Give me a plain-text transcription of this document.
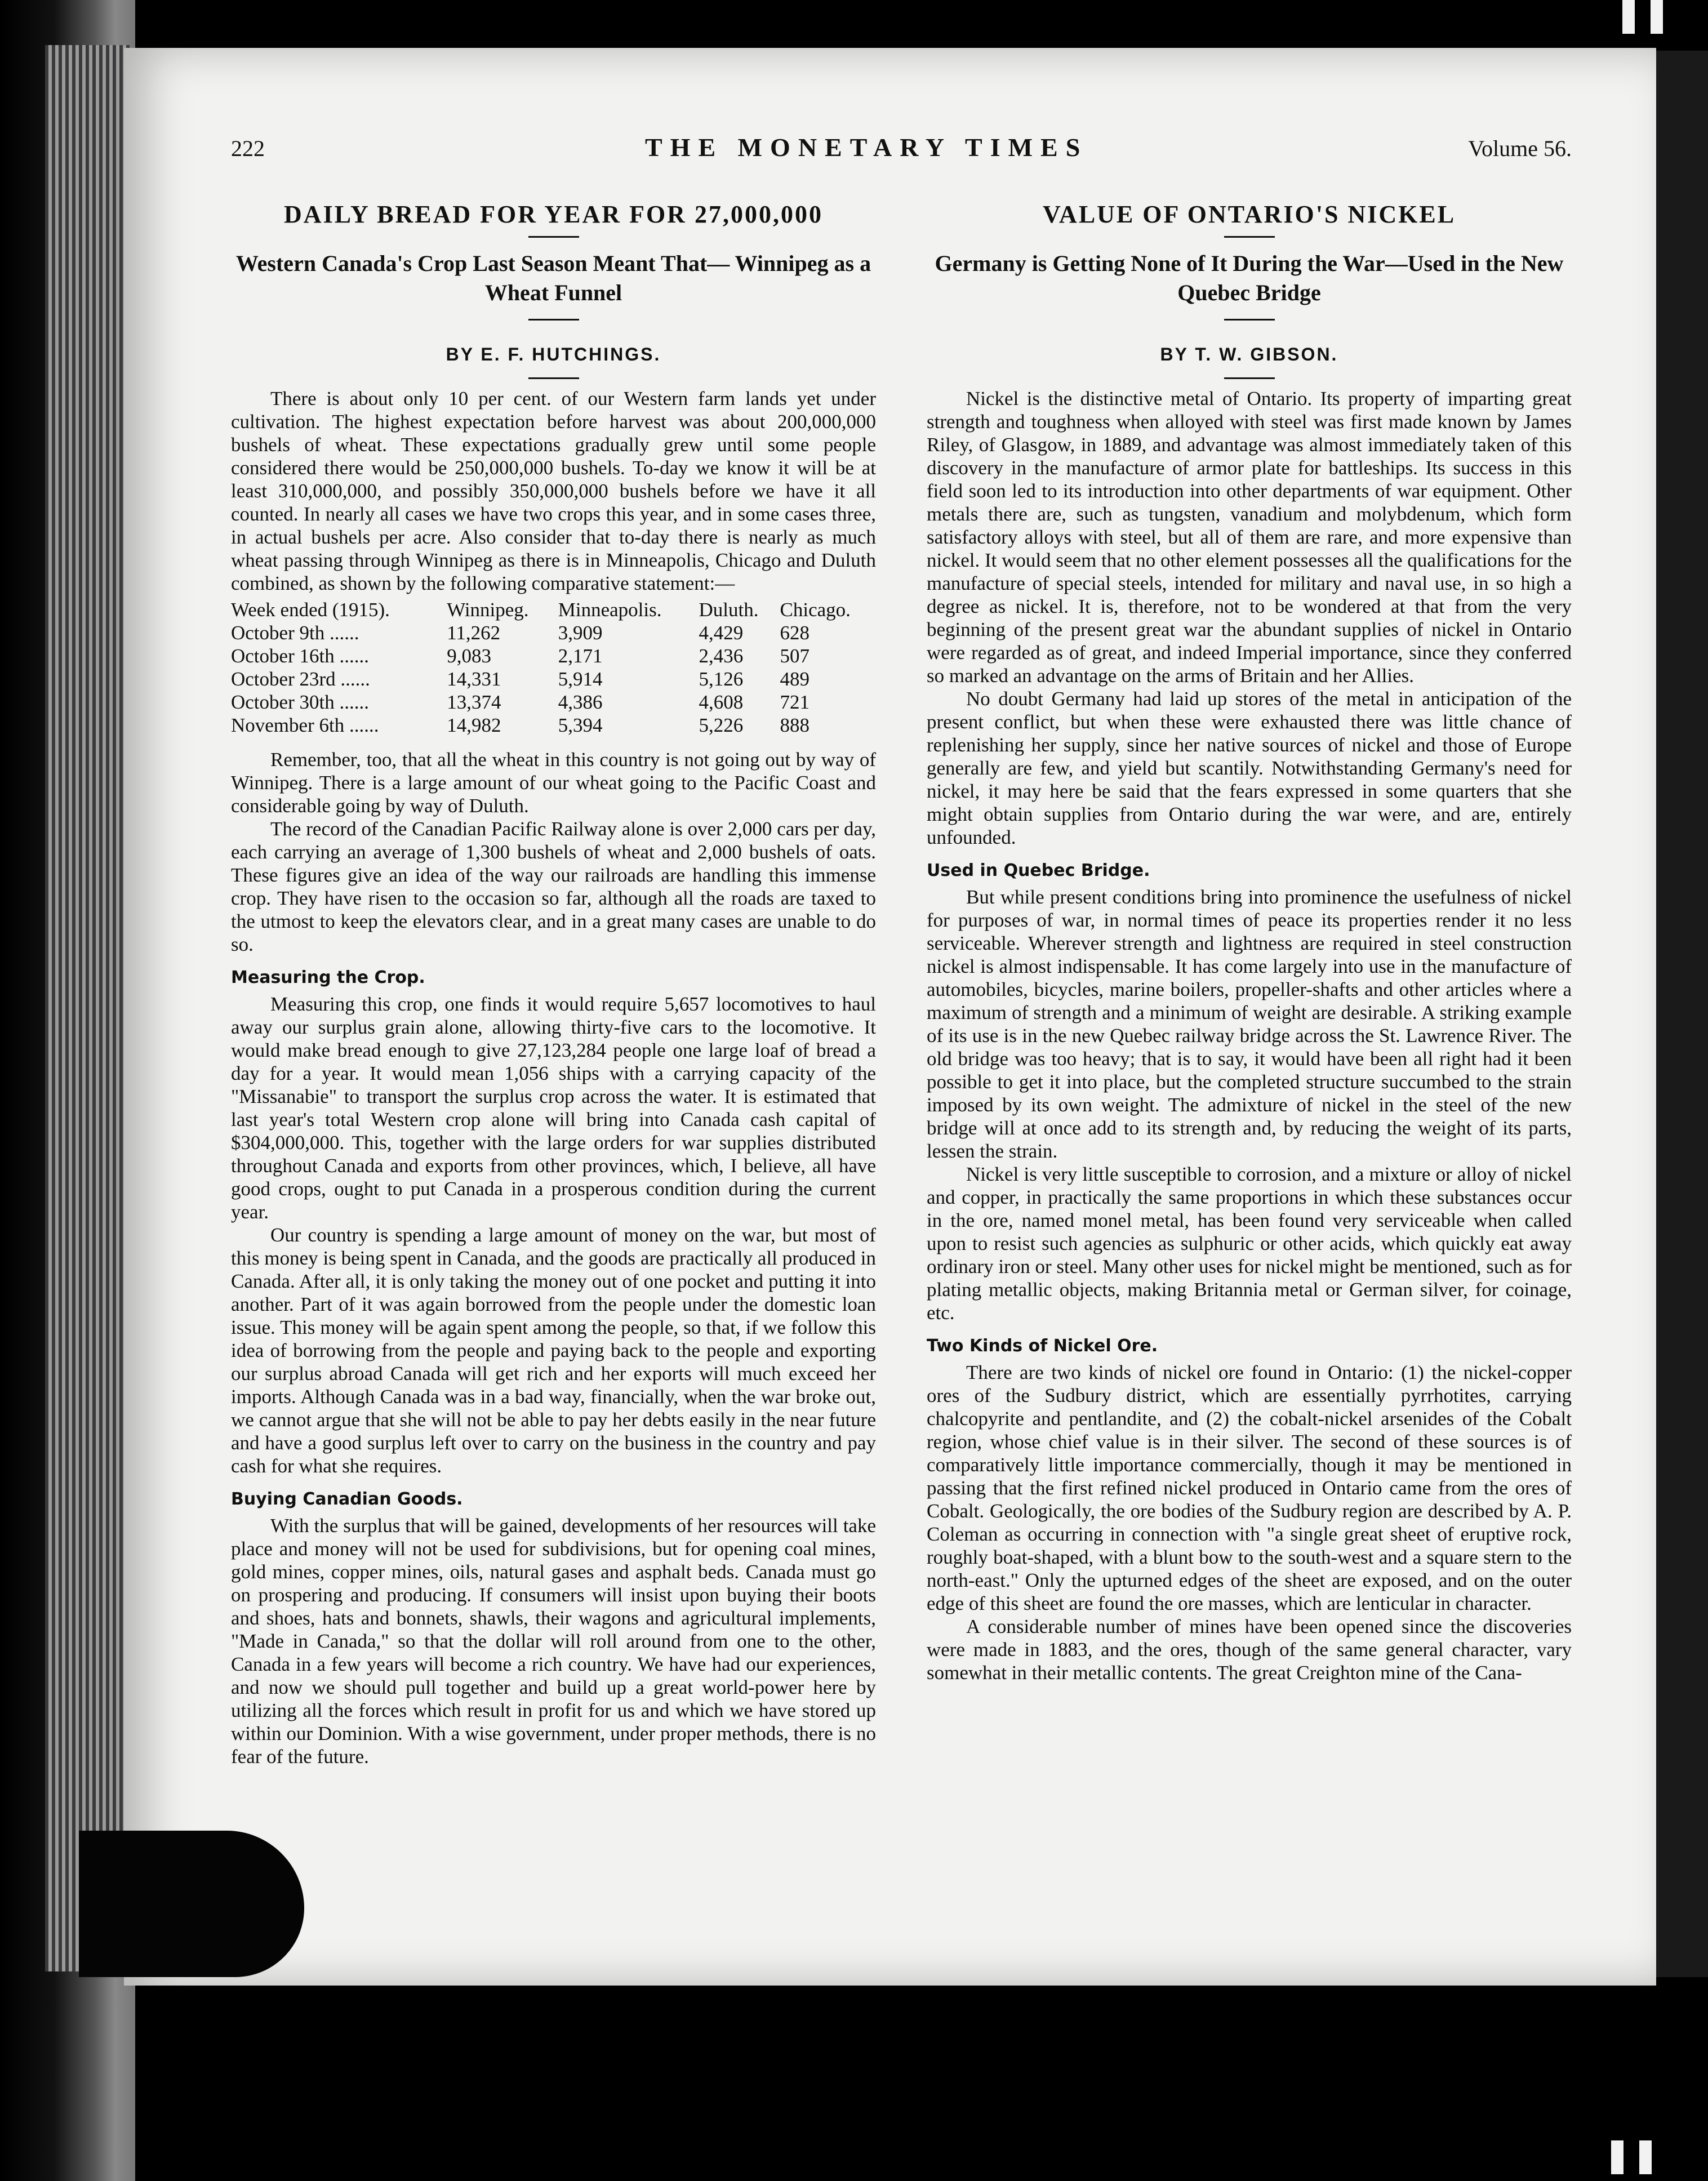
222	THE MONETARY TIMES	Volume 56.
DAILY BREAD FOR YEAR FOR 27,000,000
Western Canada's Crop Last Season Meant That— Winnipeg as a Wheat Funnel
BY E. F. HUTCHINGS.

There is about only 10 per cent. of our Western farm lands yet under cultivation. The highest expectation before harvest was about 200,000,000 bushels of wheat. These expectations gradually grew until some people considered there would be 250,000,000 bushels. To-day we know it will be at least 310,000,000, and possibly 350,000,000 bushels before we have it all counted. In nearly all cases we have two crops this year, and in some cases three, in actual bushels per acre. Also consider that to-day there is nearly as much wheat passing through Winnipeg as there is in Minneapolis, Chicago and Duluth combined, as shown by the following comparative statement:—

Week ended (1915).	Winnipeg.	Minneapolis.	Duluth.	Chicago.
October 9th ......	11,262	3,909	4,429	628
October 16th ......	9,083	2,171	2,436	507
October 23rd ......	14,331	5,914	5,126	489
October 30th ......	13,374	4,386	4,608	721
November 6th ......	14,982	5,394	5,226	888

Remember, too, that all the wheat in this country is not going out by way of Winnipeg. There is a large amount of our wheat going to the Pacific Coast and considerable going by way of Duluth.

The record of the Canadian Pacific Railway alone is over 2,000 cars per day, each carrying an average of 1,300 bushels of wheat and 2,000 bushels of oats. These figures give an idea of the way our railroads are handling this immense crop. They have risen to the occasion so far, although all the roads are taxed to the utmost to keep the elevators clear, and in a great many cases are unable to do so.

Measuring the Crop.

Measuring this crop, one finds it would require 5,657 locomotives to haul away our surplus grain alone, allowing thirty-five cars to the locomotive. It would make bread enough to give 27,123,284 people one large loaf of bread a day for a year. It would mean 1,056 ships with a carrying capacity of the "Missanabie" to transport the surplus crop across the water. It is estimated that last year's total Western crop alone will bring into Canada cash capital of $304,000,000. This, together with the large orders for war supplies distributed throughout Canada and exports from other provinces, which, I believe, all have good crops, ought to put Canada in a prosperous condition during the current year.

Our country is spending a large amount of money on the war, but most of this money is being spent in Canada, and the goods are practically all produced in Canada. After all, it is only taking the money out of one pocket and putting it into another. Part of it was again borrowed from the people under the domestic loan issue. This money will be again spent among the people, so that, if we follow this idea of borrowing from the people and paying back to the people and exporting our surplus abroad Canada will get rich and her exports will much exceed her imports. Although Canada was in a bad way, financially, when the war broke out, we cannot argue that she will not be able to pay her debts easily in the near future and have a good surplus left over to carry on the business in the country and pay cash for what she requires.

Buying Canadian Goods.

With the surplus that will be gained, developments of her resources will take place and money will not be used for subdivisions, but for opening coal mines, gold mines, copper mines, oils, natural gases and asphalt beds. Canada must go on prospering and producing. If consumers will insist upon buying their boots and shoes, hats and bonnets, shawls, their wagons and agricultural implements, "Made in Canada," so that the dollar will roll around from one to the other, Canada in a few years will become a rich country. We have had our experiences, and now we should pull together and build up a great world-power here by utilizing all the forces which result in profit for us and which we have stored up within our Dominion. With a wise government, under proper methods, there is no fear of the future.

VALUE OF ONTARIO'S NICKEL
Germany is Getting None of It During the War—Used in the New Quebec Bridge
BY T. W. GIBSON.

Nickel is the distinctive metal of Ontario. Its property of imparting great strength and toughness when alloyed with steel was first made known by James Riley, of Glasgow, in 1889, and advantage was almost immediately taken of this discovery in the manufacture of armor plate for battleships. Its success in this field soon led to its introduction into other departments of war equipment. Other metals there are, such as tungsten, vanadium and molybdenum, which form satisfactory alloys with steel, but all of them are rare, and more expensive than nickel. It would seem that no other element possesses all the qualifications for the manufacture of special steels, intended for military and naval use, in so high a degree as nickel. It is, therefore, not to be wondered at that from the very beginning of the present great war the abundant supplies of nickel in Ontario were regarded as of great, and indeed Imperial importance, since they conferred so marked an advantage on the arms of Britain and her Allies.

No doubt Germany had laid up stores of the metal in anticipation of the present conflict, but when these were exhausted there was little chance of replenishing her supply, since her native sources of nickel and those of Europe generally are few, and yield but scantily. Notwithstanding Germany's need for nickel, it may here be said that the fears expressed in some quarters that she might obtain supplies from Ontario during the war were, and are, entirely unfounded.

Used in Quebec Bridge.

But while present conditions bring into prominence the usefulness of nickel for purposes of war, in normal times of peace its properties render it no less serviceable. Wherever strength and lightness are required in steel construction nickel is almost indispensable. It has come largely into use in the manufacture of automobiles, bicycles, marine boilers, propeller-shafts and other articles where a maximum of strength and a minimum of weight are desirable. A striking example of its use is in the new Quebec railway bridge across the St. Lawrence River. The old bridge was too heavy; that is to say, it would have been all right had it been possible to get it into place, but the completed structure succumbed to the strain imposed by its own weight. The admixture of nickel in the steel of the new bridge will at once add to its strength and, by reducing the weight of its parts, lessen the strain.

Nickel is very little susceptible to corrosion, and a mixture or alloy of nickel and copper, in practically the same proportions in which these substances occur in the ore, named monel metal, has been found very serviceable when called upon to resist such agencies as sulphuric or other acids, which quickly eat away ordinary iron or steel. Many other uses for nickel might be mentioned, such as for plating metallic objects, making Britannia metal or German silver, for coinage, etc.

Two Kinds of Nickel Ore.

There are two kinds of nickel ore found in Ontario: (1) the nickel-copper ores of the Sudbury district, which are essentially pyrrhotites, carrying chalcopyrite and pentlandite, and (2) the cobalt-nickel arsenides of the Cobalt region, whose chief value is in their silver. The second of these sources is of comparatively little importance commercially, though it may be mentioned in passing that the first refined nickel produced in Ontario came from the ores of Cobalt. Geologically, the ore bodies of the Sudbury region are described by A. P. Coleman as occurring in connection with "a single great sheet of eruptive rock, roughly boat-shaped, with a blunt bow to the south-west and a square stern to the north-east." Only the upturned edges of the sheet are exposed, and on the outer edge of this sheet are found the ore masses, which are lenticular in character.

A considerable number of mines have been opened since the discoveries were made in 1883, and the ores, though of the same general character, vary somewhat in their metallic contents. The great Creighton mine of the Cana-
